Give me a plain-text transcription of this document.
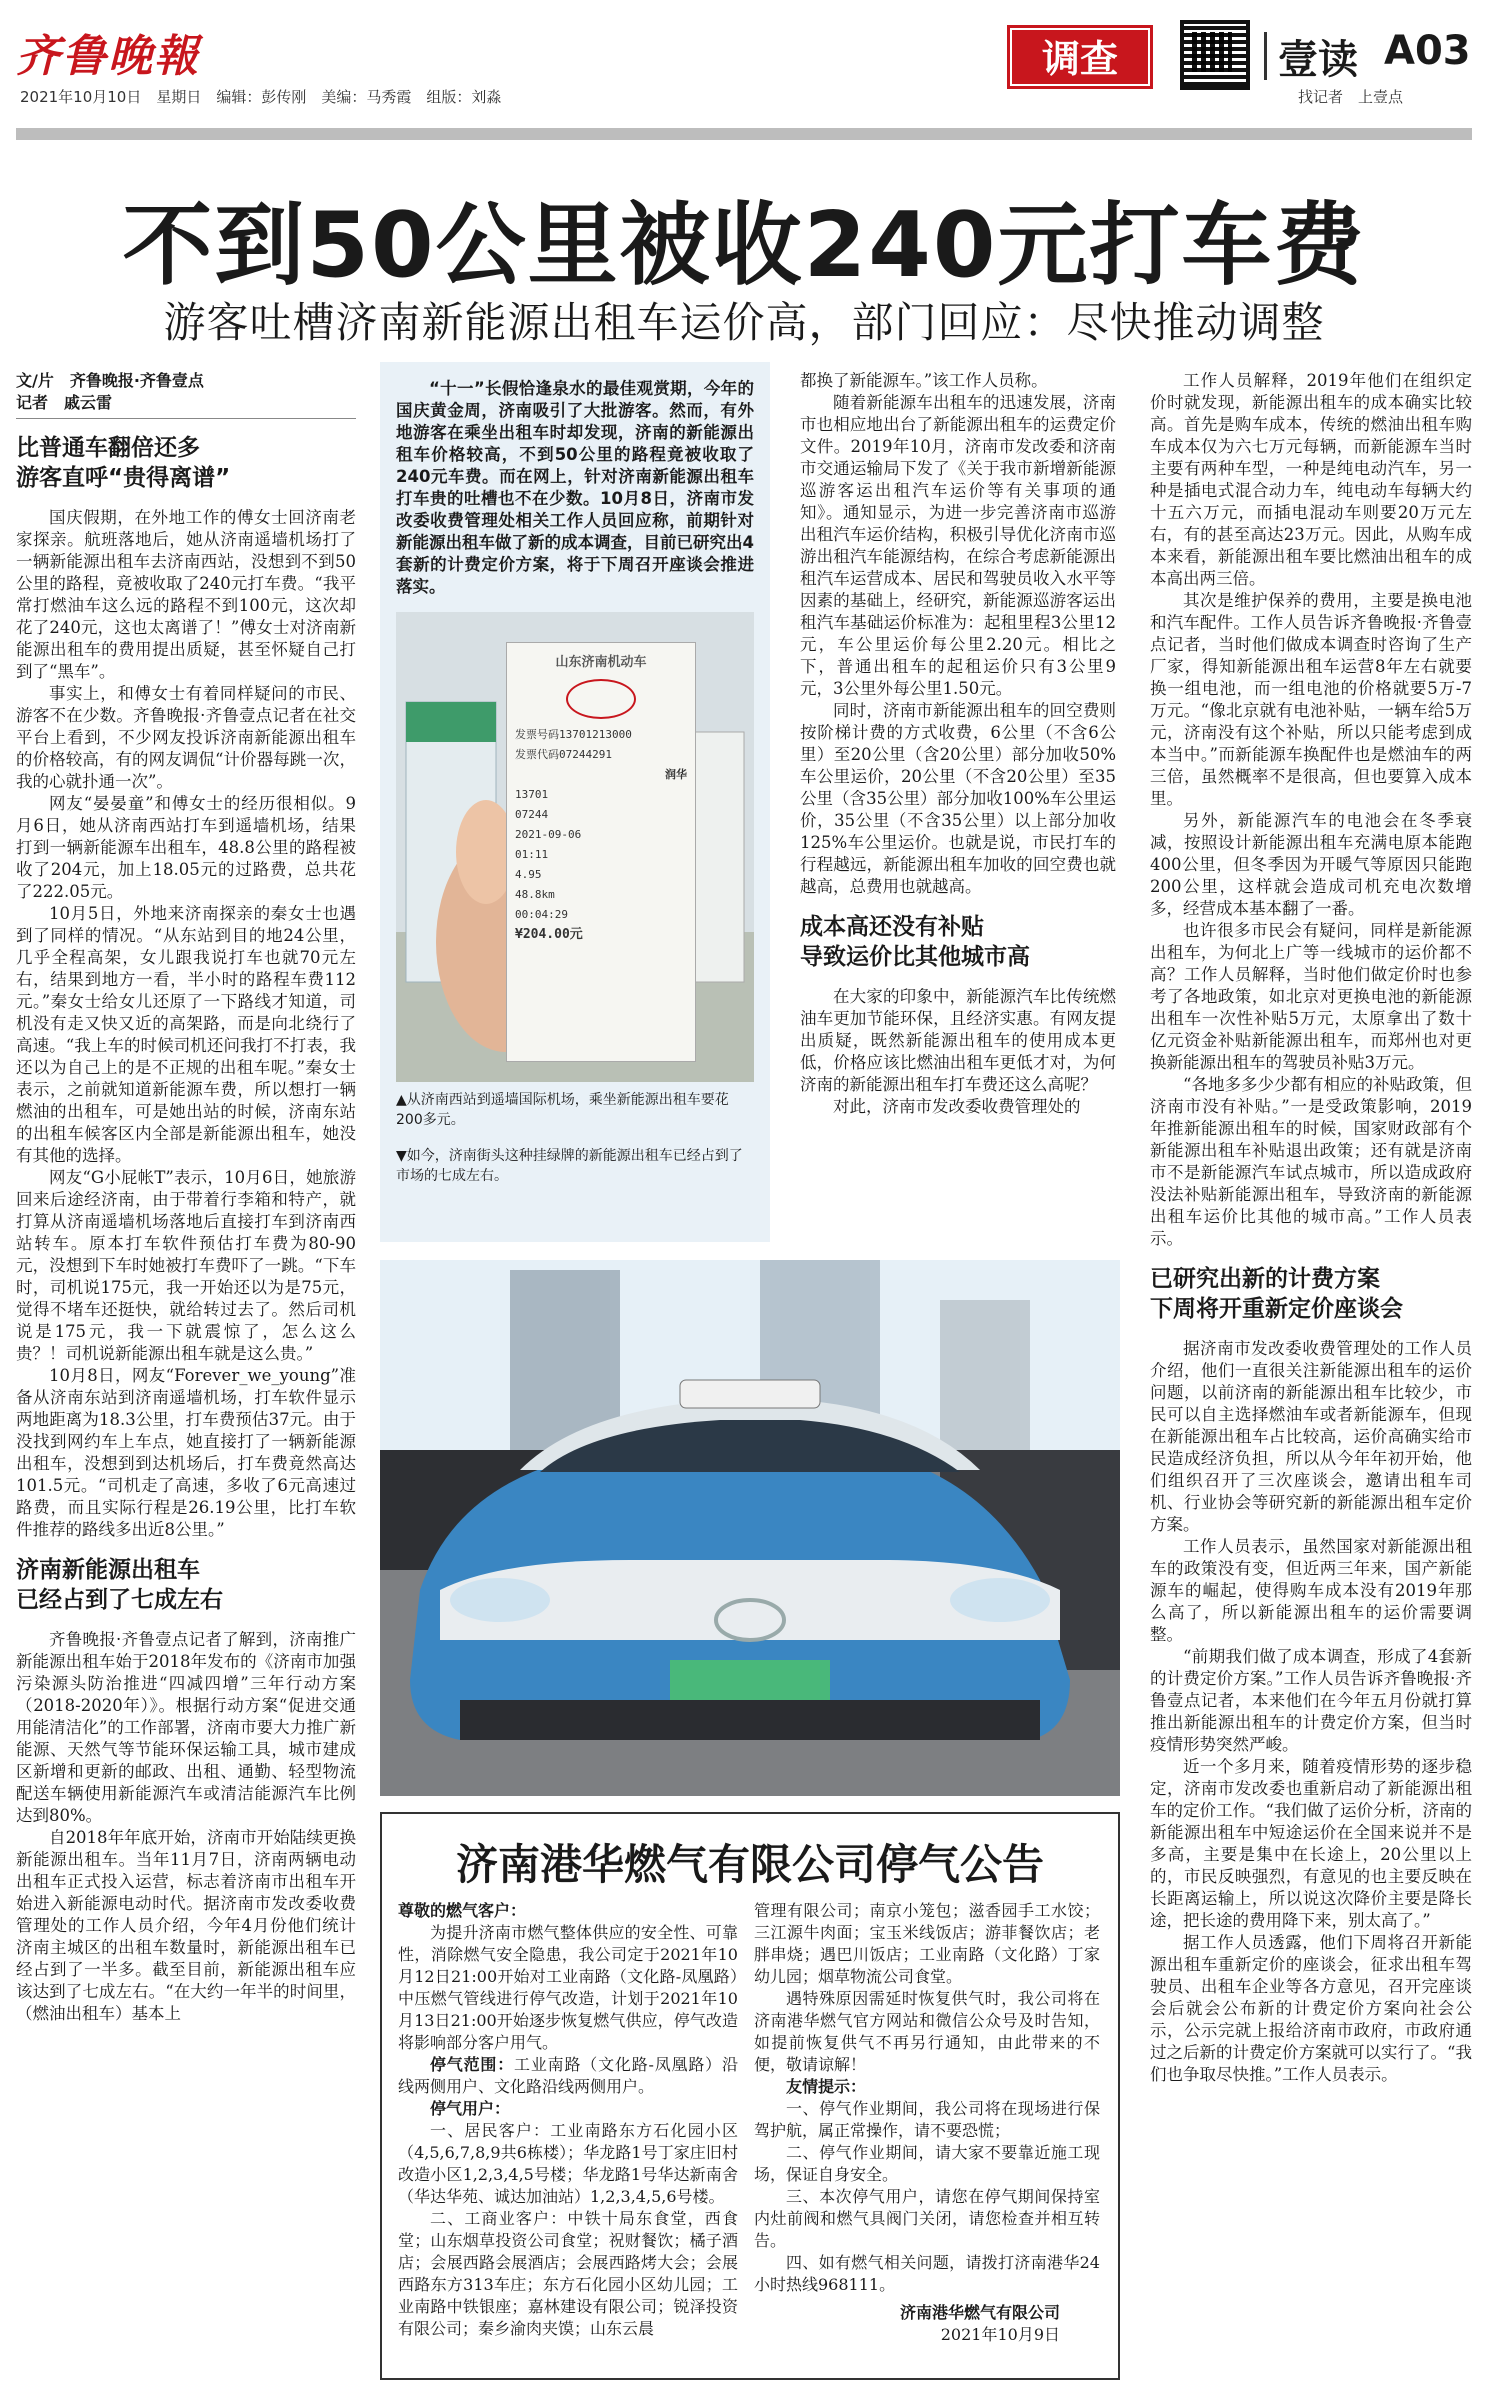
齐鲁晚報
2021年10月10日　星期日　编辑：彭传刚　美编：马秀霞　组版：刘淼
调查	壹读 A03
找记者　上壹点
不到50公里被收240元打车费
游客吐槽济南新能源出租车运价高，部门回应：尽快推动调整
文/片　齐鲁晚报·齐鲁壹点
记者　戚云雷
比普通车翻倍还多
游客直呼“贵得离谱”

国庆假期，在外地工作的傅女士回济南老家探亲。航班落地后，她从济南遥墙机场打了一辆新能源出租车去济南西站，没想到不到50公里的路程，竟被收取了240元打车费。“我平常打燃油车这么远的路程不到100元，这次却花了240元，这也太离谱了！”傅女士对济南新能源出租车的费用提出质疑，甚至怀疑自己打到了“黑车”。

事实上，和傅女士有着同样疑问的市民、游客不在少数。齐鲁晚报·齐鲁壹点记者在社交平台上看到，不少网友投诉济南新能源出租车的价格较高，有的网友调侃“计价器每跳一次，我的心就扑通一次”。

网友“晏晏童”和傅女士的经历很相似。9月6日，她从济南西站打车到遥墙机场，结果打到一辆新能源车出租车，48.8公里的路程被收了204元，加上18.05元的过路费，总共花了222.05元。

10月5日，外地来济南探亲的秦女士也遇到了同样的情况。“从东站到目的地24公里，几乎全程高架，女儿跟我说打车也就70元左右，结果到地方一看，半小时的路程车费112元。”秦女士给女儿还原了一下路线才知道，司机没有走又快又近的高架路，而是向北绕行了高速。“我上车的时候司机还问我打不打表，我还以为自己上的是不正规的出租车呢。”秦女士表示，之前就知道新能源车费，所以想打一辆燃油的出租车，可是她出站的时候，济南东站的出租车候客区内全部是新能源出租车，她没有其他的选择。

网友“G小屁帐T”表示，10月6日，她旅游回来后途经济南，由于带着行李箱和特产，就打算从济南遥墙机场落地后直接打车到济南西站转车。原本打车软件预估打车费为80-90元，没想到下车时她被打车费吓了一跳。“下车时，司机说175元，我一开始还以为是75元，觉得不堵车还挺快，就给转过去了。然后司机说是175元，我一下就震惊了，怎么这么贵？！司机说新能源出租车就是这么贵。”

10月8日，网友“Forever_we_young”准备从济南东站到济南遥墙机场，打车软件显示两地距离为18.3公里，打车费预估37元。由于没找到网约车上车点，她直接打了一辆新能源出租车，没想到到达机场后，打车费竟然高达101.5元。“司机走了高速，多收了6元高速过路费，而且实际行程是26.19公里，比打车软件推荐的路线多出近8公里。”

济南新能源出租车
已经占到了七成左右

齐鲁晚报·齐鲁壹点记者了解到，济南推广新能源出租车始于2018年发布的《济南市加强污染源头防治推进“四减四增”三年行动方案（2018-2020年）》。根据行动方案“促进交通用能清洁化”的工作部署，济南市要大力推广新能源、天然气等节能环保运输工具，城市建成区新增和更新的邮政、出租、通勤、轻型物流配送车辆使用新能源汽车或清洁能源汽车比例达到80%。

自2018年年底开始，济南市开始陆续更换新能源出租车。当年11月7日，济南两辆电动出租车正式投入运营，标志着济南市出租车开始进入新能源电动时代。据济南市发改委收费管理处的工作人员介绍，今年4月份他们统计济南主城区的出租车数量时，新能源出租车已经占到了一半多。截至目前，新能源出租车应该达到了七成左右。“在大约一年半的时间里，（燃油出租车）基本上

“十一”长假恰逢泉水的最佳观赏期，今年的国庆黄金周，济南吸引了大批游客。然而，有外地游客在乘坐出租车时却发现，济南的新能源出租车价格较高，不到50公里的路程竟被收取了240元车费。而在网上，针对济南新能源出租车打车贵的吐槽也不在少数。10月8日，济南市发改委收费管理处相关工作人员回应称，前期针对新能源出租车做了新的成本调查，目前已研究出4套新的计费定价方案，将于下周召开座谈会推进落实。

山东济南机动车
发票号码13701213000
发票代码07244291
润华
13701
07244
2021-09-06
01:11
4.95
48.8km
00:04:29
¥204.00元
▲从济南西站到遥墙国际机场，乘坐新能源出租车要花200多元。
▼如今，济南街头这种挂绿牌的新能源出租车已经占到了市场的七成左右。

都换了新能源车。”该工作人员称。

随着新能源车出租车的迅速发展，济南市也相应地出台了新能源出租车的运费定价文件。2019年10月，济南市发改委和济南市交通运输局下发了《关于我市新增新能源巡游客运出租汽车运价等有关事项的通知》。通知显示，为进一步完善济南市巡游出租汽车运价结构，积极引导优化济南市巡游出租汽车能源结构，在综合考虑新能源出租汽车运营成本、居民和驾驶员收入水平等因素的基础上，经研究，新能源巡游客运出租汽车基础运价标准为：起租里程3公里12元，车公里运价每公里2.20元。相比之下，普通出租车的起租运价只有3公里9元，3公里外每公里1.50元。

同时，济南市新能源出租车的回空费则按阶梯计费的方式收费，6公里（不含6公里）至20公里（含20公里）部分加收50%车公里运价，20公里（不含20公里）至35公里（含35公里）部分加收100%车公里运价，35公里（不含35公里）以上部分加收125%车公里运价。也就是说，市民打车的行程越远，新能源出租车加收的回空费也就越高，总费用也就越高。

成本高还没有补贴
导致运价比其他城市高

在大家的印象中，新能源汽车比传统燃油车更加节能环保，且经济实惠。有网友提出质疑，既然新能源出租车的使用成本更低，价格应该比燃油出租车更低才对，为何济南的新能源出租车打车费还这么高呢？

对此，济南市发改委收费管理处的

工作人员解释，2019年他们在组织定价时就发现，新能源出租车的成本确实比较高。首先是购车成本，传统的燃油出租车购车成本仅为六七万元每辆，而新能源车当时主要有两种车型，一种是纯电动汽车，另一种是插电式混合动力车，纯电动车每辆大约十五六万元，而插电混动车则要20万元左右，有的甚至高达23万元。因此，从购车成本来看，新能源出租车要比燃油出租车的成本高出两三倍。

其次是维护保养的费用，主要是换电池和汽车配件。工作人员告诉齐鲁晚报·齐鲁壹点记者，当时他们做成本调查时咨询了生产厂家，得知新能源出租车运营8年左右就要换一组电池，而一组电池的价格就要5万-7万元。“像北京就有电池补贴，一辆车给5万元，济南没有这个补贴，所以只能考虑到成本当中。”而新能源车换配件也是燃油车的两三倍，虽然概率不是很高，但也要算入成本里。

另外，新能源汽车的电池会在冬季衰减，按照设计新能源出租车充满电原本能跑400公里，但冬季因为开暖气等原因只能跑200公里，这样就会造成司机充电次数增多，经营成本基本翻了一番。

也许很多市民会有疑问，同样是新能源出租车，为何北上广等一线城市的运价都不高？工作人员解释，当时他们做定价时也参考了各地政策，如北京对更换电池的新能源出租车一次性补贴5万元，太原拿出了数十亿元资金补贴新能源出租车，而郑州也对更换新能源出租车的驾驶员补贴3万元。

“各地多多少少都有相应的补贴政策，但济南市没有补贴。”一是受政策影响，2019年推新能源出租车的时候，国家财政部有个新能源出租车补贴退出政策；还有就是济南市不是新能源汽车试点城市，所以造成政府没法补贴新能源出租车，导致济南的新能源出租车运价比其他的城市高。”工作人员表示。

已研究出新的计费方案
下周将开重新定价座谈会

据济南市发改委收费管理处的工作人员介绍，他们一直很关注新能源出租车的运价问题，以前济南的新能源出租车比较少，市民可以自主选择燃油车或者新能源车，但现在新能源出租车占比较高，运价高确实给市民造成经济负担，所以从今年年初开始，他们组织召开了三次座谈会，邀请出租车司机、行业协会等研究新的新能源出租车定价方案。

工作人员表示，虽然国家对新能源出租车的政策没有变，但近两三年来，国产新能源车的崛起，使得购车成本没有2019年那么高了，所以新能源出租车的运价需要调整。

“前期我们做了成本调查，形成了4套新的计费定价方案。”工作人员告诉齐鲁晚报·齐鲁壹点记者，本来他们在今年五月份就打算推出新能源出租车的计费定价方案，但当时疫情形势突然严峻。

近一个多月来，随着疫情形势的逐步稳定，济南市发改委也重新启动了新能源出租车的定价工作。“我们做了运价分析，济南的新能源出租车中短途运价在全国来说并不是多高，主要是集中在长途上，20公里以上的，市民反映强烈，有意见的也主要反映在长距离运输上，所以说这次降价主要是降长途，把长途的费用降下来，别太高了。”

据工作人员透露，他们下周将召开新能源出租车重新定价的座谈会，征求出租车驾驶员、出租车企业等各方意见，召开完座谈会后就会公布新的计费定价方案向社会公示，公示完就上报给济南市政府，市政府通过之后新的计费定价方案就可以实行了。“我们也争取尽快推。”工作人员表示。

济南港华燃气有限公司停气公告
尊敬的燃气客户：

为提升济南市燃气整体供应的安全性、可靠性，消除燃气安全隐患，我公司定于2021年10月12日21:00开始对工业南路（文化路-凤凰路）中压燃气管线进行停气改造，计划于2021年10月13日21:00开始逐步恢复燃气供应，停气改造将影响部分客户用气。

停气范围：工业南路（文化路-凤凰路）沿线两侧用户、文化路沿线两侧用户。

停气用户：

一、居民客户：工业南路东方石化园小区（4,5,6,7,8,9共6栋楼）；华龙路1号丁家庄旧村改造小区1,2,3,4,5号楼；华龙路1号华达新南舍（华达华苑、诚达加油站）1,2,3,4,5,6号楼。

二、工商业客户：中铁十局东食堂，西食堂；山东烟草投资公司食堂；祝财餐饮；橘子酒店；会展西路会展酒店；会展西路烤大会；会展西路东方313车庄；东方石化园小区幼儿园；工业南路中铁银座；嘉林建设有限公司；锐泽投资有限公司；秦乡渝肉夹馍；山东云晨

管理有限公司；南京小笼包；滋香园手工水饺；三江源牛肉面；宝玉米线饭店；游菲餐饮店；老胖串烧；遇巴川饭店；工业南路（文化路）丁家幼儿园；烟草物流公司食堂。

遇特殊原因需延时恢复供气时，我公司将在济南港华燃气官方网站和微信公众号及时告知，如提前恢复供气不再另行通知，由此带来的不便，敬请谅解！

友情提示：

一、停气作业期间，我公司将在现场进行保驾护航，属正常操作，请不要恐慌；

二、停气作业期间，请大家不要靠近施工现场，保证自身安全。

三、本次停气用户，请您在停气期间保持室内灶前阀和燃气具阀门关闭，请您检查并相互转告。

四、如有燃气相关问题，请拨打济南港华24小时热线968111。

济南港华燃气有限公司
2021年10月9日
